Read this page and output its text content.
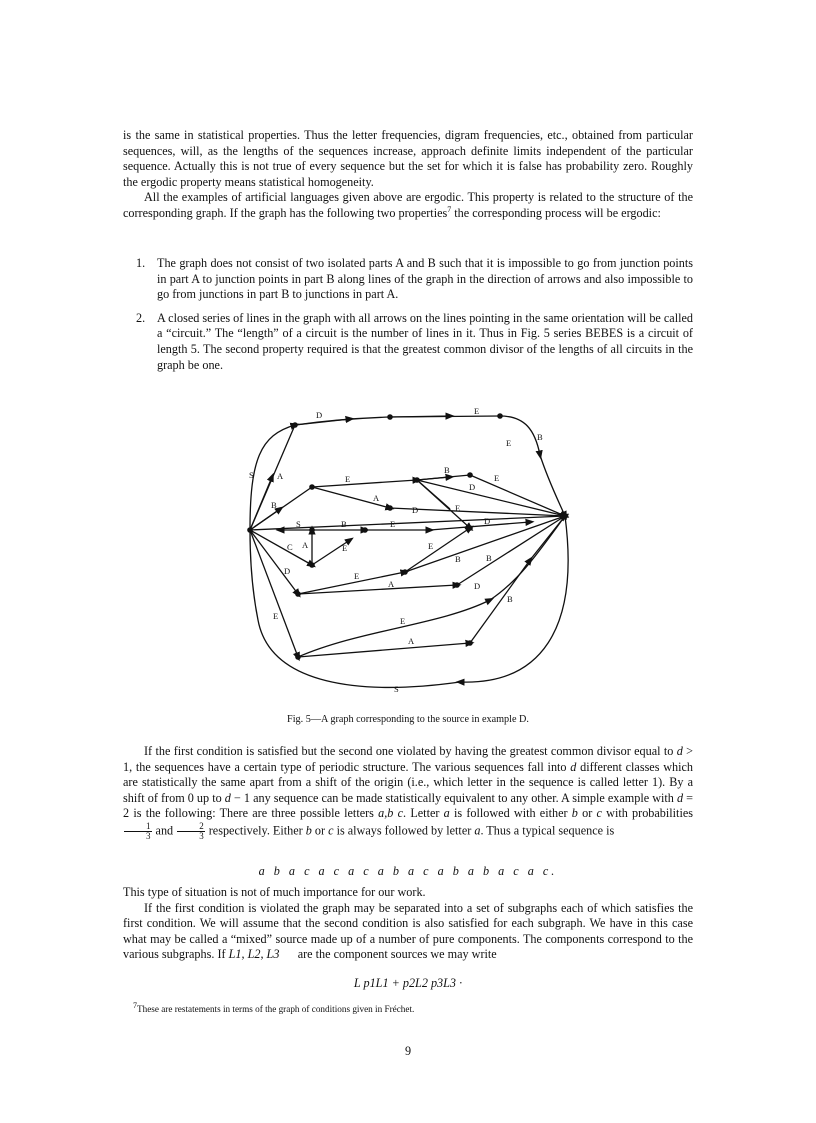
is the same in statistical properties. Thus the letter frequencies, digram frequencies, etc., obtained from particular sequences, will, as the lengths of the sequences increase, approach definite limits independent of the particular sequence. Actually this is not true of every sequence but the set for which it is false has probability zero. Roughly the ergodic property means statistical homogeneity.

All the examples of artificial languages given above are ergodic. This property is related to the structure of the corresponding graph. If the graph has the following two properties$^7$ the corresponding process will be ergodic:

1. The graph does not consist of two isolated parts A and B such that it is impossible to go from junction points in part A to junction points in part B along lines of the graph in the direction of arrows and also impossible to go from junctions in part B to junctions in part A.
2. A closed series of lines in the graph with all arrows on the lines pointing in the same orientation will be called a “circuit.” The “length” of a circuit is the number of lines in it. Thus in Fig. 5 series BEBES is a circuit of length 5. The second property required is that the greatest common divisor of the lengths of all circuits in the graph be one.
D	E
E
B
S	A	E
B
E
B
A
D
D	E
S	B	E	D
C A	E	E
B
D	E
A
B
D
B
E	E
A
S
Fig. 5—A graph corresponding to the source in example D.

If the first condition is satisfied but the second one violated by having the greatest common divisor equal to d > 1, the sequences have a certain type of periodic structure. The various sequences fall into d different classes which are statistically the same apart from a shift of the origin (i.e., which letter in the sequence is called letter 1). By a shift of from 0 up to d − 1 any sequence can be made statistically equivalent to any other. A simple example with d = 2 is the following: There are three possible letters a,b c. Letter a is followed with either b or c with probabilities
$\frac{1}{3}$ and $\frac{2}{3}$ respectively. Either b or c is always followed by letter a. Thus a typical sequence is

a b a c a c a c a b a c a b a b a c a c.

This type of situation is not of much importance for our work.

If the first condition is violated the graph may be separated into a set of subgraphs each of which satisfies the first condition. We will assume that the second condition is also satisfied for each subgraph. We have in this case what may be called a “mixed” source made up of a number of pure components. The components correspond to the various subgraphs. If L1, L2, L3      are the component sources we may write

L p1L1 + p2L2 p3L3 ·
$^7$These are restatements in terms of the graph of conditions given in Fréchet.
9
